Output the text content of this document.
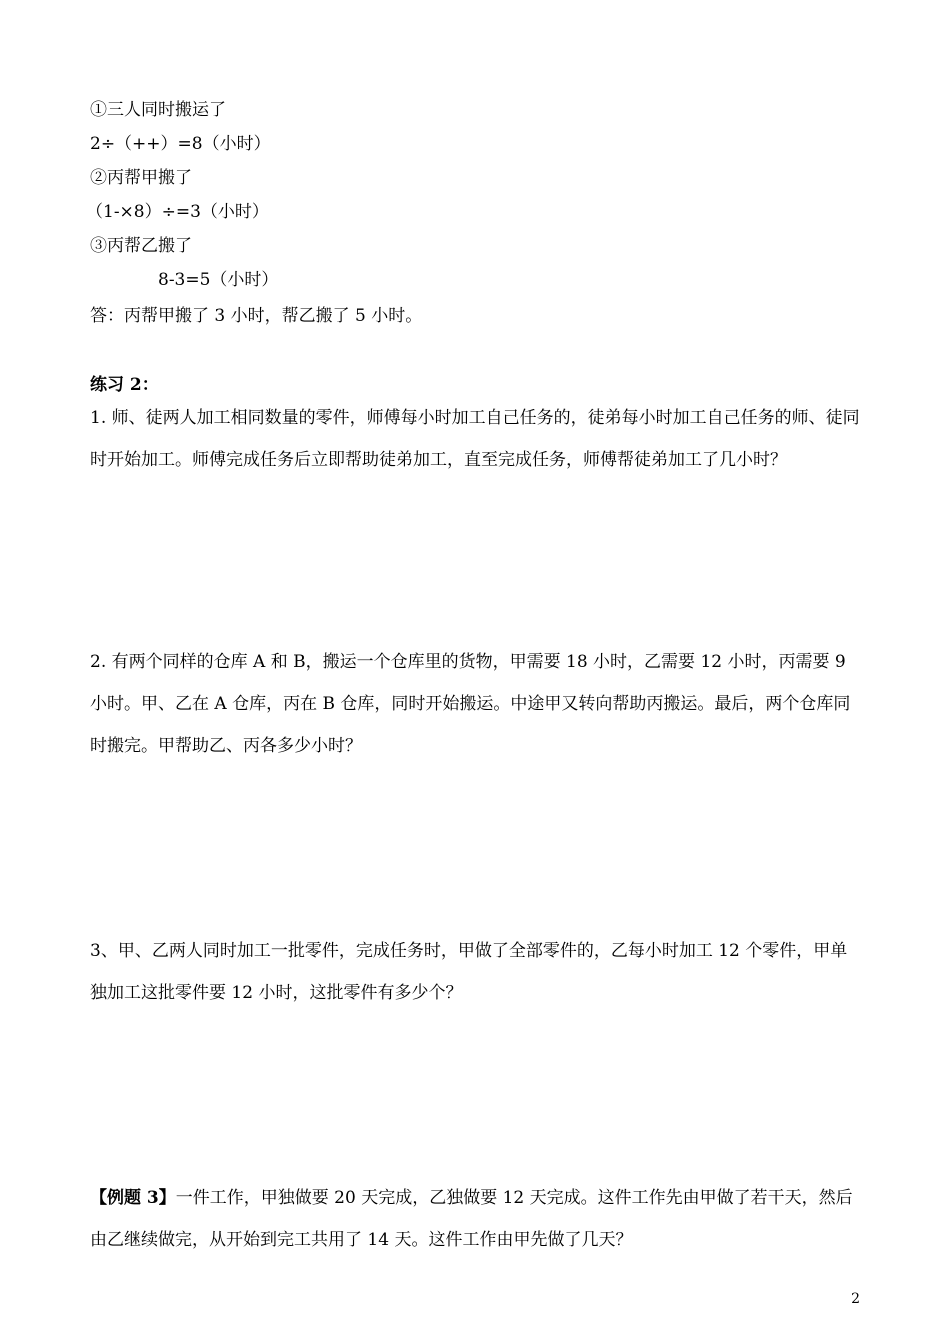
①三人同时搬运了
2÷（++）=8（小时）
②丙帮甲搬了
（1-×8）÷=3（小时）
③丙帮乙搬了
8-3=5（小时）
答：丙帮甲搬了 3 小时，帮乙搬了 5 小时。
练习 2：
1. 师、徒两人加工相同数量的零件，师傅每小时加工自己任务的，徒弟每小时加工自己任务的师、徒同时开始加工。师傅完成任务后立即帮助徒弟加工，直至完成任务，师傅帮徒弟加工了几小时？
2. 有两个同样的仓库 A 和 B，搬运一个仓库里的货物，甲需要 18 小时，乙需要 12 小时，丙需要 9 小时。甲、乙在 A 仓库，丙在 B 仓库，同时开始搬运。中途甲又转向帮助丙搬运。最后，两个仓库同时搬完。甲帮助乙、丙各多少小时？
3、甲、乙两人同时加工一批零件，完成任务时，甲做了全部零件的，乙每小时加工 12 个零件，甲单独加工这批零件要 12 小时，这批零件有多少个？
【例题 3】一件工作，甲独做要 20 天完成，乙独做要 12 天完成。这件工作先由甲做了若干天，然后由乙继续做完，从开始到完工共用了 14 天。这件工作由甲先做了几天？
2
